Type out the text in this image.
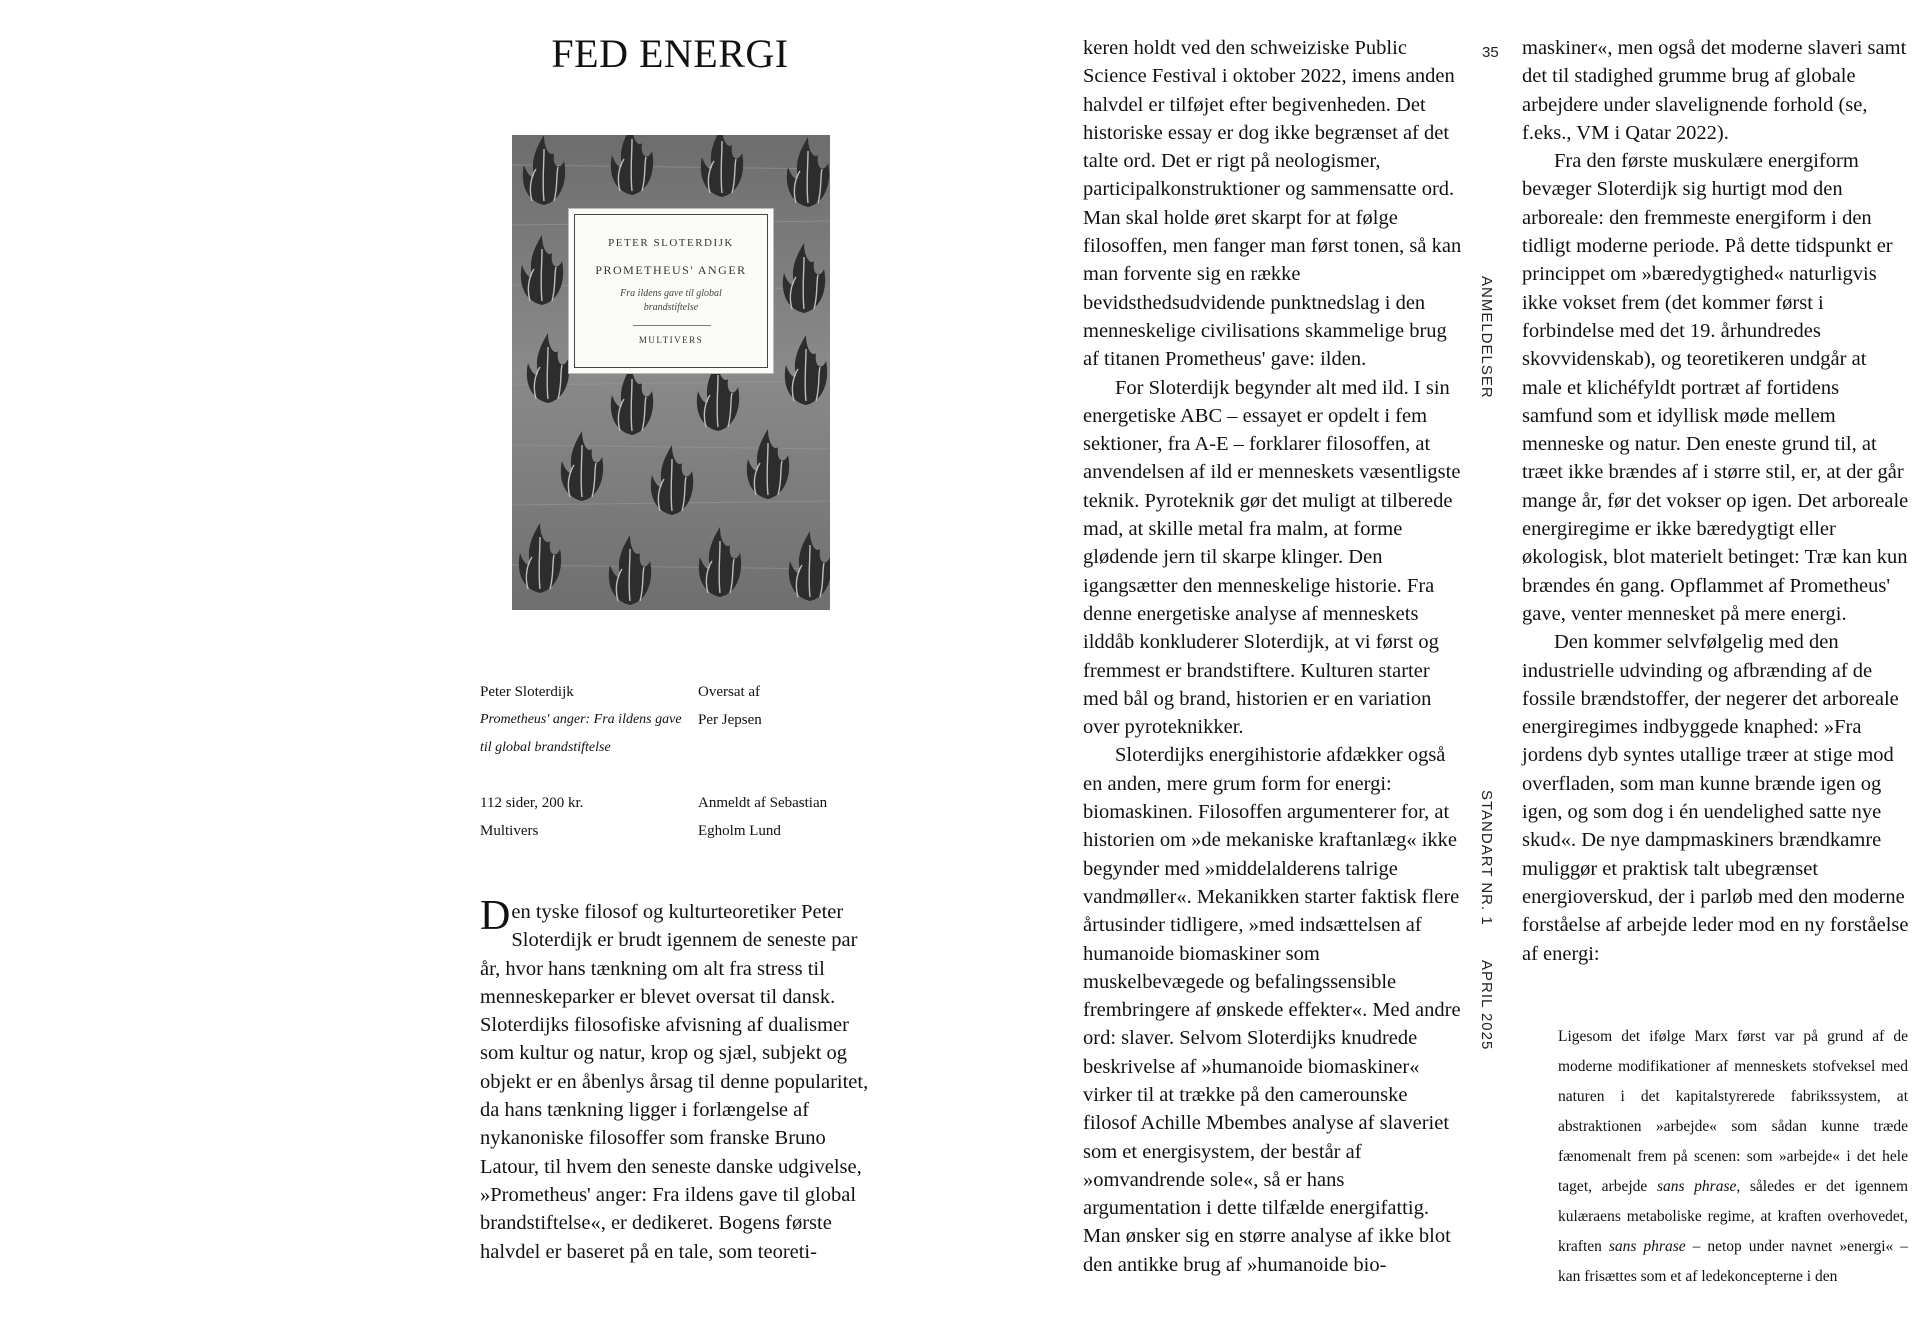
FED ENERGI
PETER SLOTERDIJK
PROMETHEUS' ANGER
Fra ildens gave til global brandstiftelse
MULTIVERS
Peter Sloterdijk
Prometheus' anger: Fra ildens gave til global brandstiftelse
Oversat af
Per Jepsen
112 sider, 200 kr.
Multivers
Anmeldt af Sebastian Egholm Lund
Den tyske filosof og kulturteoretiker Peter Sloterdijk er brudt igennem de seneste par år, hvor hans tænkning om alt fra stress til menneskeparker er blevet oversat til dansk. Sloterdijks filosofiske afvisning af dualismer som kultur og natur, krop og sjæl, subjekt og objekt er en åbenlys årsag til denne popularitet, da hans tænkning ligger i forlængelse af nykanoniske filosoffer som franske Bruno Latour, til hvem den seneste danske udgivelse, »Prometheus' anger: Fra ildens gave til global brandstiftelse«, er dedikeret. Bogens første halvdel er baseret på en tale, som teoreti-
keren holdt ved den schweiziske Public Science Festival i oktober 2022, imens anden halvdel er tilføjet efter begivenheden. Det historiske essay er dog ikke begrænset af det talte ord. Det er rigt på neologismer, participalkonstruktioner og sammensatte ord. Man skal holde øret skarpt for at følge filosoffen, men fanger man først tonen, så kan man forvente sig en række bevidsthedsudvidende punktnedslag i den menneskelige civilisations skammelige brug af titanen Prometheus' gave: ilden.
For Sloterdijk begynder alt med ild. I sin energetiske ABC – essayet er opdelt i fem sektioner, fra A-E – forklarer filosoffen, at anvendelsen af ild er menneskets væsentligste teknik. Pyroteknik gør det muligt at tilberede mad, at skille metal fra malm, at forme glødende jern til skarpe klinger. Den igangsætter den menneskelige historie. Fra denne energetiske analyse af menneskets ilddåb konkluderer Sloterdijk, at vi først og fremmest er brandstiftere. Kulturen starter med bål og brand, historien er en variation over pyroteknikker.
Sloterdijks energihistorie afdækker også en anden, mere grum form for energi: biomaskinen. Filosoffen argumenterer for, at historien om »de mekaniske kraftanlæg« ikke begynder med »middelalderens talrige vandmøller«. Mekanikken starter faktisk flere årtusinder tidligere, »med indsættelsen af humanoide biomaskiner som muskelbevægede og befalingssensible frembringere af ønskede effekter«. Med andre ord: slaver. Selvom Sloterdijks knudrede beskrivelse af »humanoide biomaskiner« virker til at trække på den camerounske filosof Achille Mbembes analyse af slaveriet som et energisystem, der består af »omvandrende sole«, så er hans argumentation i dette tilfælde energifattig. Man ønsker sig en større analyse af ikke blot den antikke brug af »humanoide bio-
35
ANMELDELSER
STANDART NR. 1
APRIL 2025
maskiner«, men også det moderne slaveri samt det til stadighed grumme brug af globale arbejdere under slavelignende forhold (se, f.eks., VM i Qatar 2022).
Fra den første muskulære energiform bevæger Sloterdijk sig hurtigt mod den arboreale: den fremmeste energiform i den tidligt moderne periode. På dette tidspunkt er princippet om »bæredygtighed« naturligvis ikke vokset frem (det kommer først i forbindelse med det 19. århundredes skovvidenskab), og teoretikeren undgår at male et klichéfyldt portræt af fortidens samfund som et idyllisk møde mellem menneske og natur. Den eneste grund til, at træet ikke brændes af i større stil, er, at der går mange år, før det vokser op igen. Det arboreale energiregime er ikke bæredygtigt eller økologisk, blot materielt betinget: Træ kan kun brændes én gang. Opflammet af Prometheus' gave, venter mennesket på mere energi.
Den kommer selvfølgelig med den industrielle udvinding og afbrænding af de fossile brændstoffer, der negerer det arboreale energiregimes indbyggede knaphed: »Fra jordens dyb syntes utallige træer at stige mod overfladen, som man kunne brænde igen og igen, og som dog i én uendelighed satte nye skud«. De nye dampmaskiners brændkamre muliggør et praktisk talt ubegrænset energioverskud, der i parløb med den moderne forståelse af arbejde leder mod en ny forståelse af energi:
Ligesom det ifølge Marx først var på grund af de moderne modifikationer af menneskets stofveksel med naturen i det kapitalstyrerede fabrikssystem, at abstraktionen »arbejde« som sådan kunne træde fænomenalt frem på scenen: som »arbejde« i det hele taget, arbejde sans phrase, således er det igennem kulæraens metaboliske regime, at kraften overhovedet, kraften sans phrase – netop under navnet »energi« – kan frisættes som et af ledekoncepterne i den
